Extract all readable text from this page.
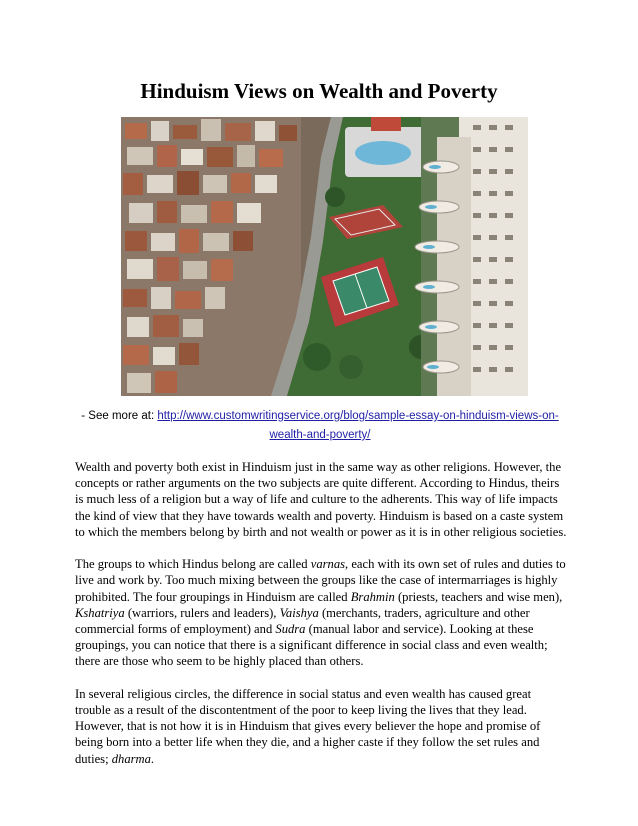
Hinduism Views on Wealth and Poverty
- See more at: http://www.customwritingservice.org/blog/sample-essay-on-hinduism-views-on-wealth-and-poverty/

Wealth and poverty both exist in Hinduism just in the same way as other religions. However, the concepts or rather arguments on the two subjects are quite different. According to Hindus, theirs is much less of a religion but a way of life and culture to the adherents. This way of life impacts the kind of view that they have towards wealth and poverty. Hinduism is based on a caste system to which the members belong by birth and not wealth or power as it is in other religious societies.

The groups to which Hindus belong are called varnas, each with its own set of rules and duties to live and work by. Too much mixing between the groups like the case of intermarriages is highly prohibited. The four groupings in Hinduism are called Brahmin (priests, teachers and wise men), Kshatriya (warriors, rulers and leaders), Vaishya (merchants, traders, agriculture and other commercial forms of employment) and Sudra (manual labor and service). Looking at these groupings, you can notice that there is a significant difference in social class and even wealth; there are those who seem to be highly placed than others.

In several religious circles, the difference in social status and even wealth has caused great trouble as a result of the discontentment of the poor to keep living the lives that they lead. However, that is not how it is in Hinduism that gives every believer the hope and promise of being born into a better life when they die, and a higher caste if they follow the set rules and duties; dharma.
